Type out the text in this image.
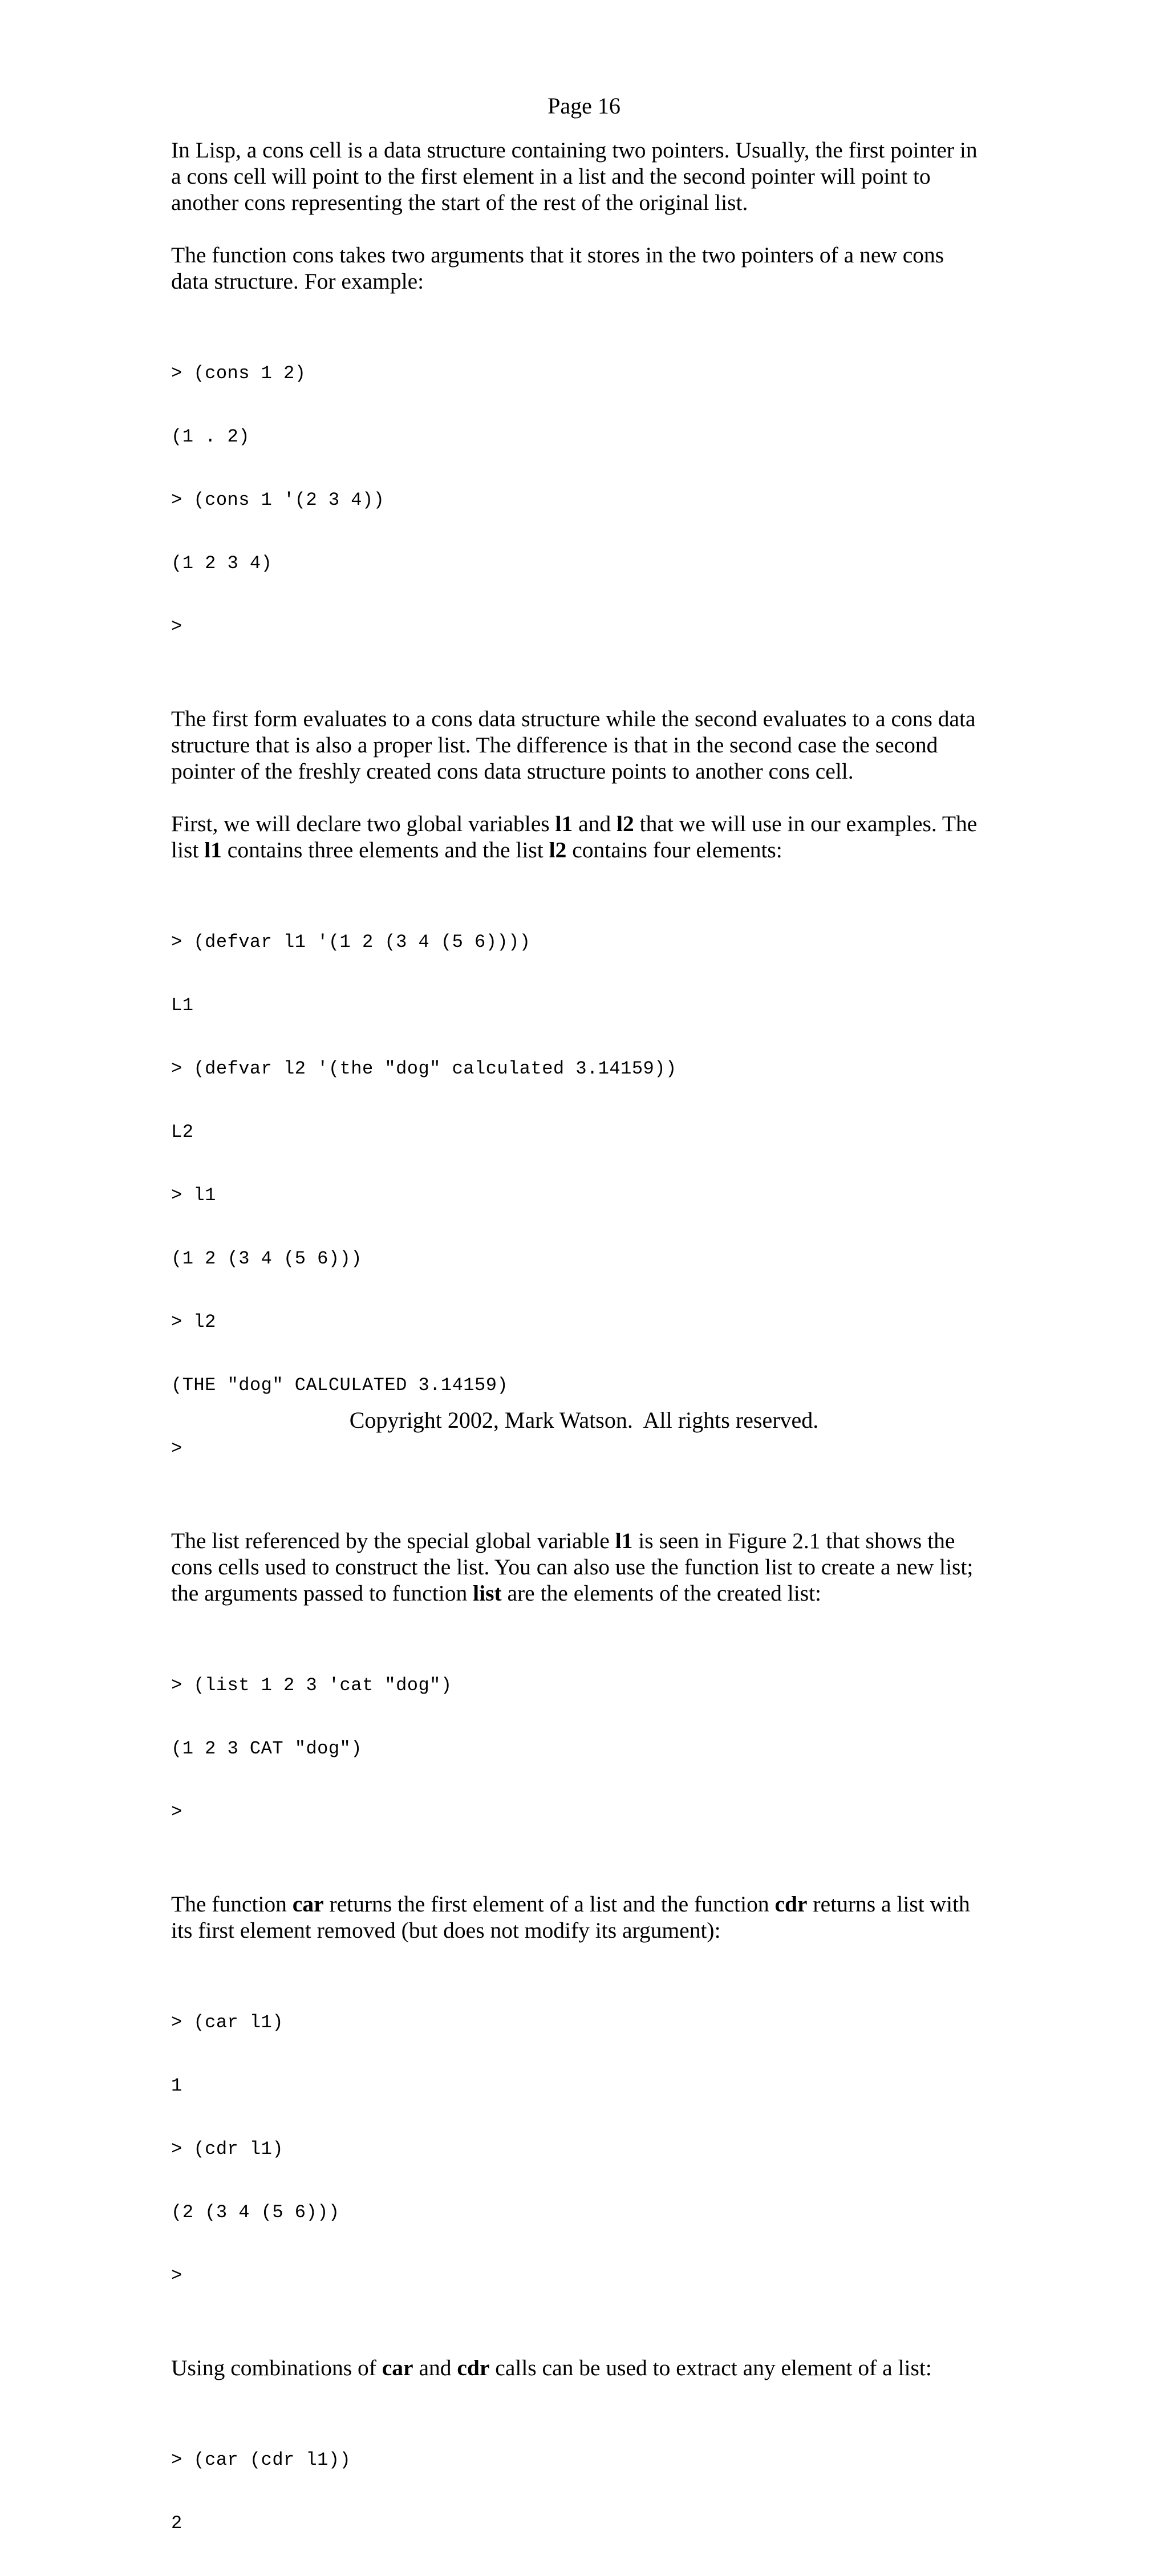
Page 16

In Lisp, a cons cell is a data structure containing two pointers. Usually, the first pointer in
a cons cell will point to the first element in a list and the second pointer will point to
another cons representing the start of the rest of the original list.

The function cons takes two arguments that it stores in the two pointers of a new cons
data structure. For example:

> (cons 1 2)

(1 . 2)

> (cons 1 '(2 3 4))

(1 2 3 4)

>

The first form evaluates to a cons data structure while the second evaluates to a cons data
structure that is also a proper list. The difference is that in the second case the second
pointer of the freshly created cons data structure points to another cons cell.

First, we will declare two global variables l1 and l2 that we will use in our examples. The
list l1 contains three elements and the list l2 contains four elements:

> (defvar l1 '(1 2 (3 4 (5 6))))

L1

> (defvar l2 '(the "dog" calculated 3.14159))

L2

> l1

(1 2 (3 4 (5 6)))

> l2

(THE "dog" CALCULATED 3.14159)

>

The list referenced by the special global variable l1 is seen in Figure 2.1 that shows the
cons cells used to construct the list. You can also use the function list to create a new list;
the arguments passed to function list are the elements of the created list:

> (list 1 2 3 'cat "dog")

(1 2 3 CAT "dog")

>

The function car returns the first element of a list and the function cdr returns a list with
its first element removed (but does not modify its argument):

> (car l1)

1

> (cdr l1)

(2 (3 4 (5 6)))

>

Using combinations of car and cdr calls can be used to extract any element of a list:

> (car (cdr l1))

2

Copyright 2002, Mark Watson.  All rights reserved.
